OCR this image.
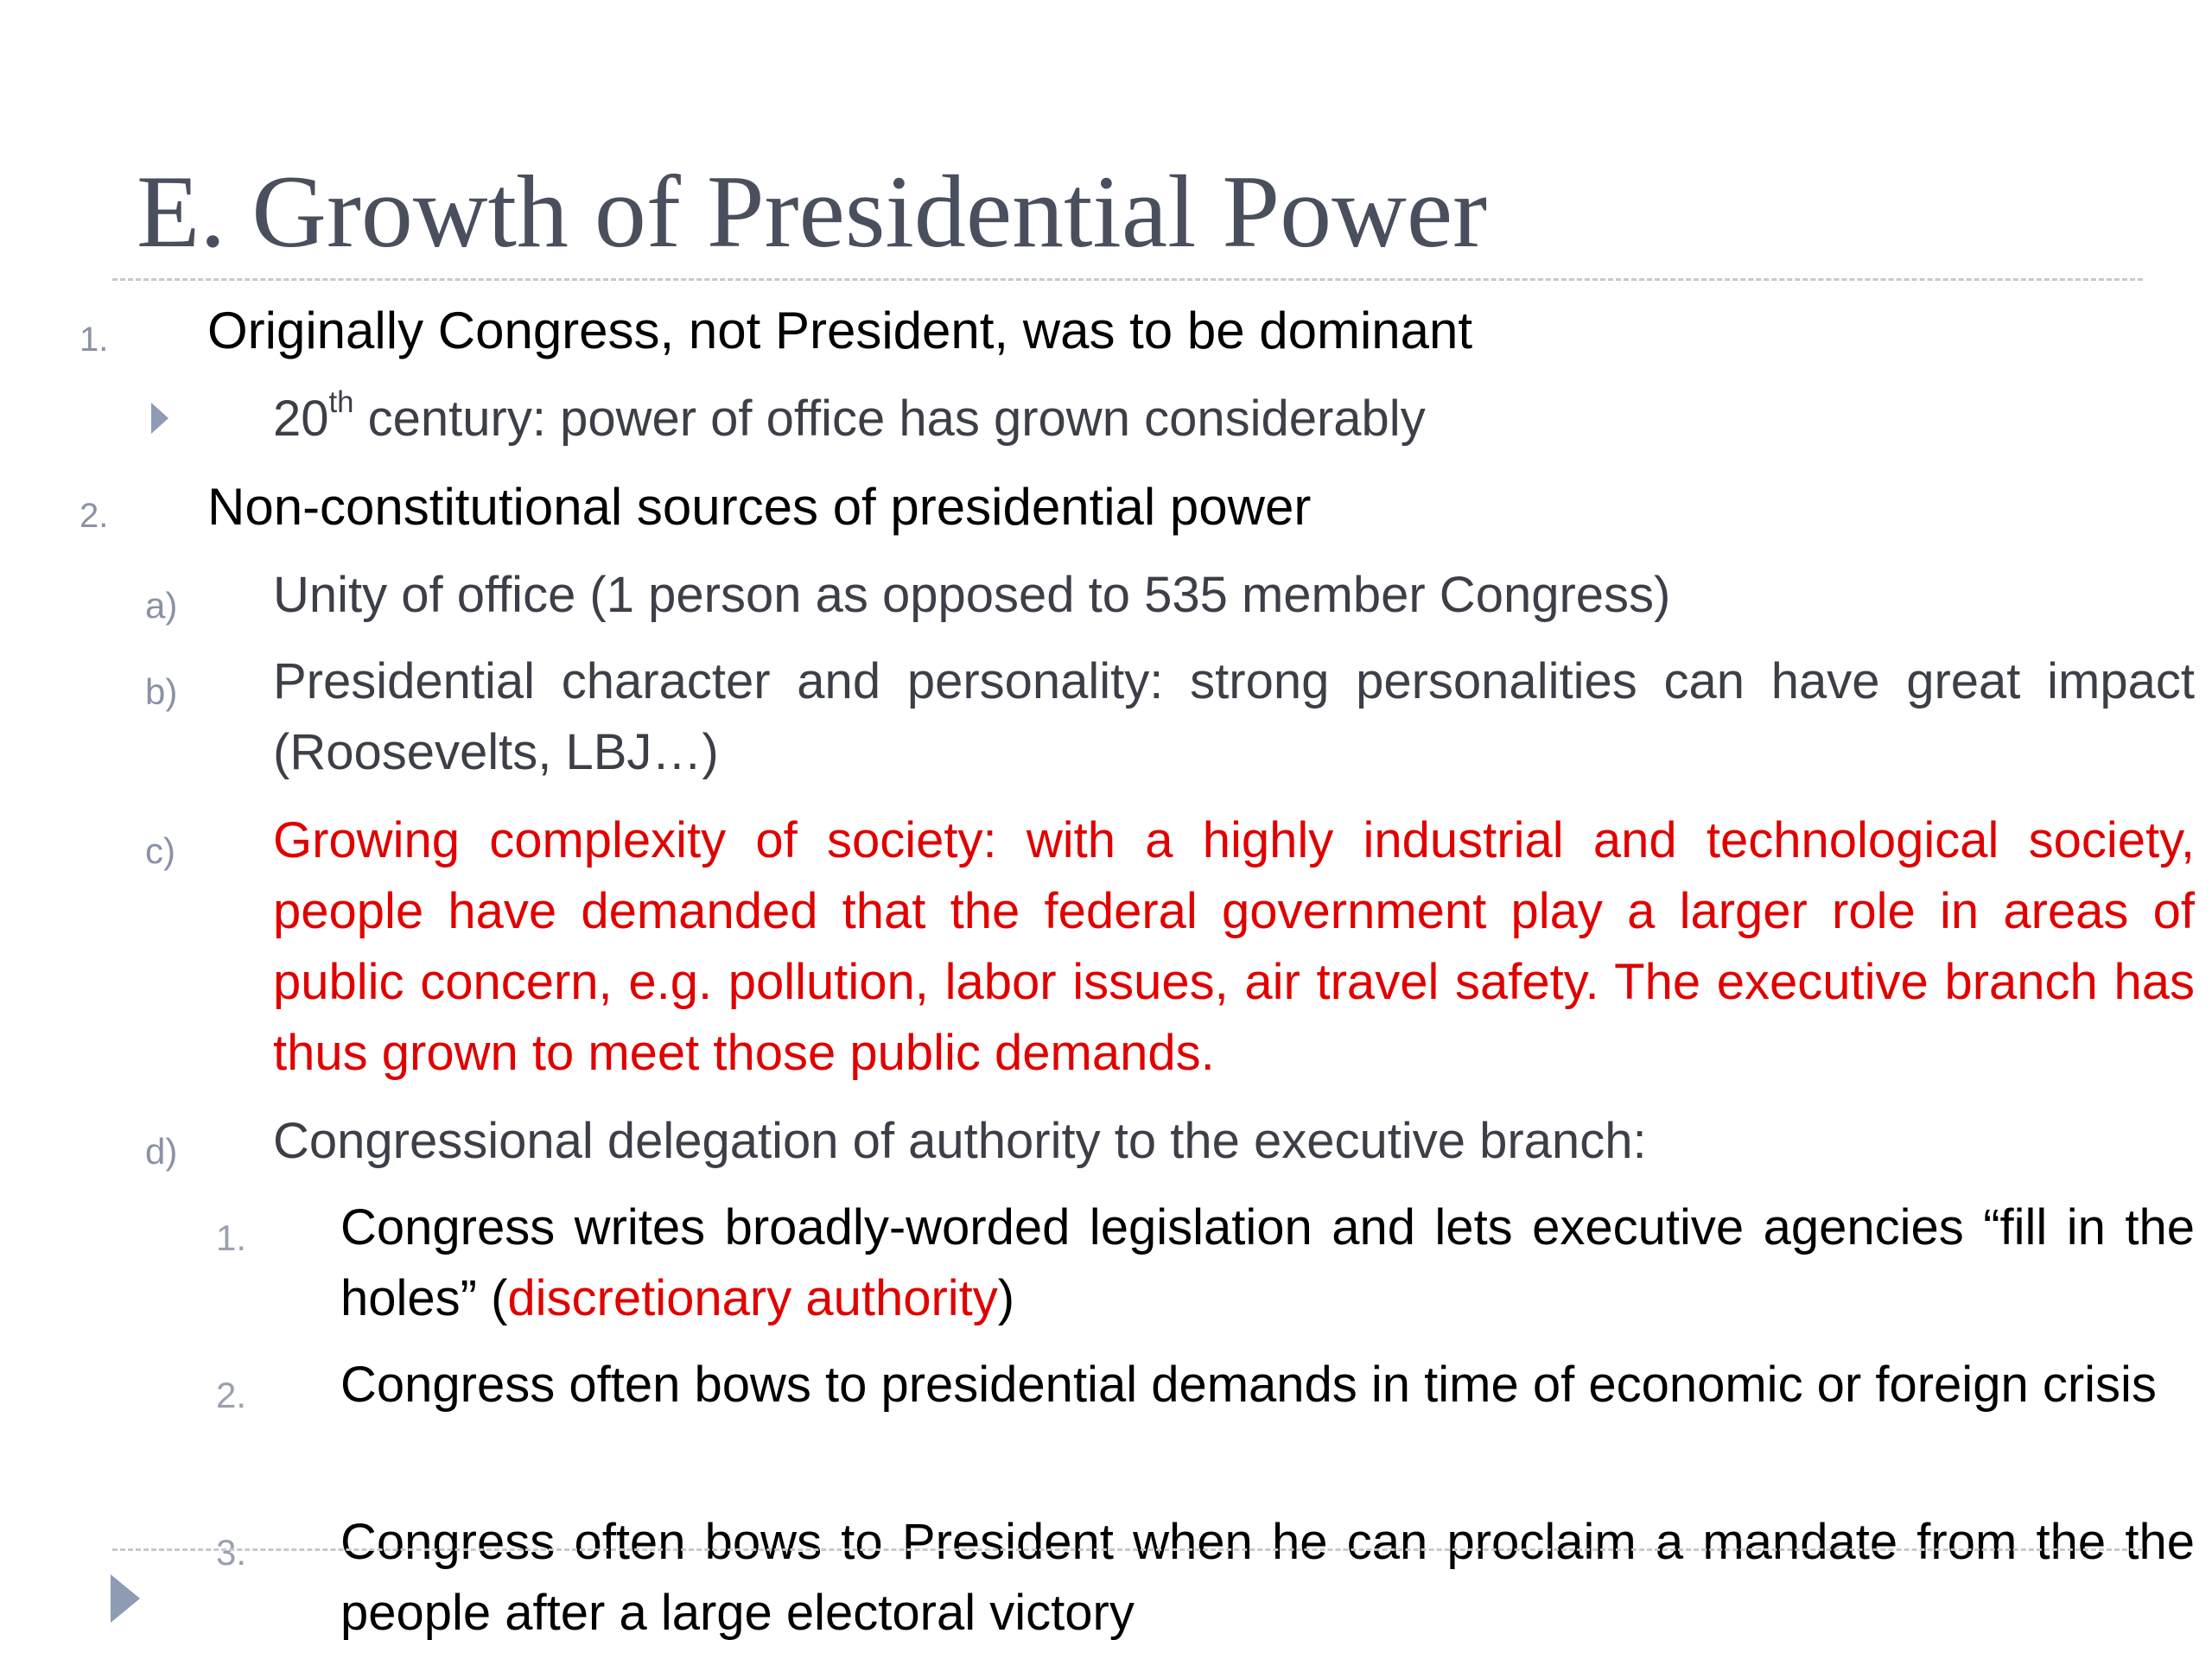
E. Growth of Presidential Power
1. Originally Congress, not President, was to be dominant
20th century: power of office has grown considerably
2. Non-constitutional sources of presidential power
a) Unity of office (1 person as opposed to 535 member Congress)
b) Presidential character and personality: strong personalities can have great impact (Roosevelts, LBJ…)
c) Growing complexity of society: with a highly industrial and technological society, people have demanded that the federal government play a larger role in areas of public concern, e.g. pollution, labor issues, air travel safety. The executive branch has thus grown to meet those public demands.
d) Congressional delegation of authority to the executive branch:
1. Congress writes broadly-worded legislation and lets executive agencies “fill in the holes” (discretionary authority)
2. Congress often bows to presidential demands in time of economic or foreign crisis
3. Congress often bows to President when he can proclaim a mandate from the the people after a large electoral victory
